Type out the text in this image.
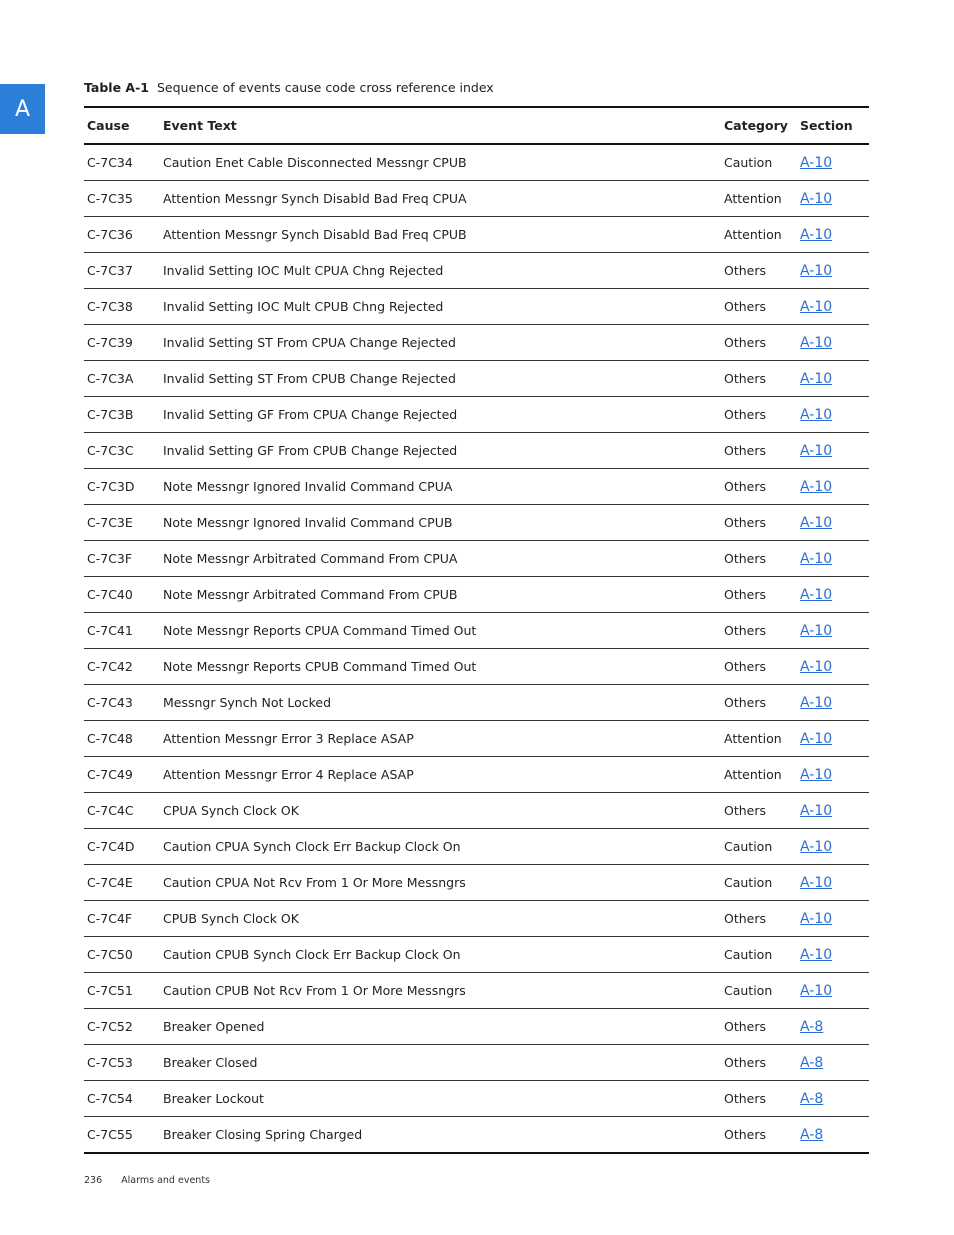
A
Table A-1 Sequence of events cause code cross reference index
Cause	Event Text	Category	Section
C-7C34	Caution Enet Cable Disconnected Messngr CPUB	Caution	A-10
C-7C35	Attention Messngr Synch Disabld Bad Freq CPUA	Attention	A-10
C-7C36	Attention Messngr Synch Disabld Bad Freq CPUB	Attention	A-10
C-7C37	Invalid Setting IOC Mult CPUA Chng Rejected	Others	A-10
C-7C38	Invalid Setting IOC Mult CPUB Chng Rejected	Others	A-10
C-7C39	Invalid Setting ST From CPUA Change Rejected	Others	A-10
C-7C3A	Invalid Setting ST From CPUB Change Rejected	Others	A-10
C-7C3B	Invalid Setting GF From CPUA Change Rejected	Others	A-10
C-7C3C	Invalid Setting GF From CPUB Change Rejected	Others	A-10
C-7C3D	Note Messngr Ignored Invalid Command CPUA	Others	A-10
C-7C3E	Note Messngr Ignored Invalid Command CPUB	Others	A-10
C-7C3F	Note Messngr Arbitrated Command From CPUA	Others	A-10
C-7C40	Note Messngr Arbitrated Command From CPUB	Others	A-10
C-7C41	Note Messngr Reports CPUA Command Timed Out	Others	A-10
C-7C42	Note Messngr Reports CPUB Command Timed Out	Others	A-10
C-7C43	Messngr Synch Not Locked	Others	A-10
C-7C48	Attention Messngr Error 3 Replace ASAP	Attention	A-10
C-7C49	Attention Messngr Error 4 Replace ASAP	Attention	A-10
C-7C4C	CPUA Synch Clock OK	Others	A-10
C-7C4D	Caution CPUA Synch Clock Err Backup Clock On	Caution	A-10
C-7C4E	Caution CPUA Not Rcv From 1 Or More Messngrs	Caution	A-10
C-7C4F	CPUB Synch Clock OK	Others	A-10
C-7C50	Caution CPUB Synch Clock Err Backup Clock On	Caution	A-10
C-7C51	Caution CPUB Not Rcv From 1 Or More Messngrs	Caution	A-10
C-7C52	Breaker Opened	Others	A-8
C-7C53	Breaker Closed	Others	A-8
C-7C54	Breaker Lockout	Others	A-8
C-7C55	Breaker Closing Spring Charged	Others	A-8
236 Alarms and events
